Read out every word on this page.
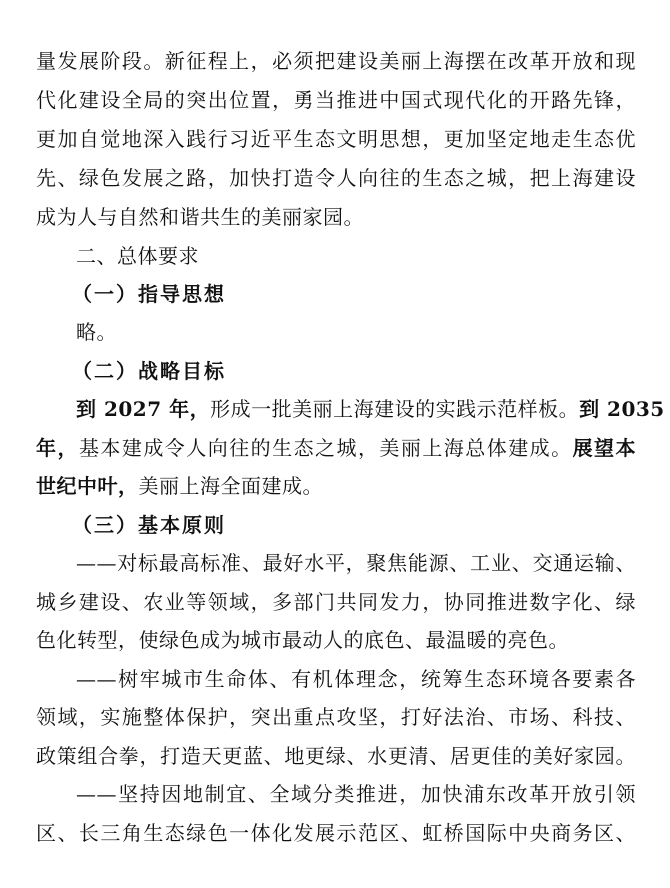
量发展阶段。新征程上，必须把建设美丽上海摆在改革开放和现
代化建设全局的突出位置，勇当推进中国式现代化的开路先锋，
更加自觉地深入践行习近平生态文明思想，更加坚定地走生态优
先、绿色发展之路，加快打造令人向往的生态之城，把上海建设
成为人与自然和谐共生的美丽家园。
二、总体要求
（一）指导思想
略。
（二）战略目标
到 2027 年，形成一批美丽上海建设的实践示范样板。到 2035
年，基本建成令人向往的生态之城，美丽上海总体建成。展望本
世纪中叶，美丽上海全面建成。
（三）基本原则
——对标最高标准、最好水平，聚焦能源、工业、交通运输、
城乡建设、农业等领域，多部门共同发力，协同推进数字化、绿
色化转型，使绿色成为城市最动人的底色、最温暖的亮色。
——树牢城市生命体、有机体理念，统筹生态环境各要素各
领域，实施整体保护，突出重点攻坚，打好法治、市场、科技、
政策组合拳，打造天更蓝、地更绿、水更清、居更佳的美好家园。
——坚持因地制宜、全域分类推进，加快浦东改革开放引领
区、长三角生态绿色一体化发展示范区、虹桥国际中央商务区、
